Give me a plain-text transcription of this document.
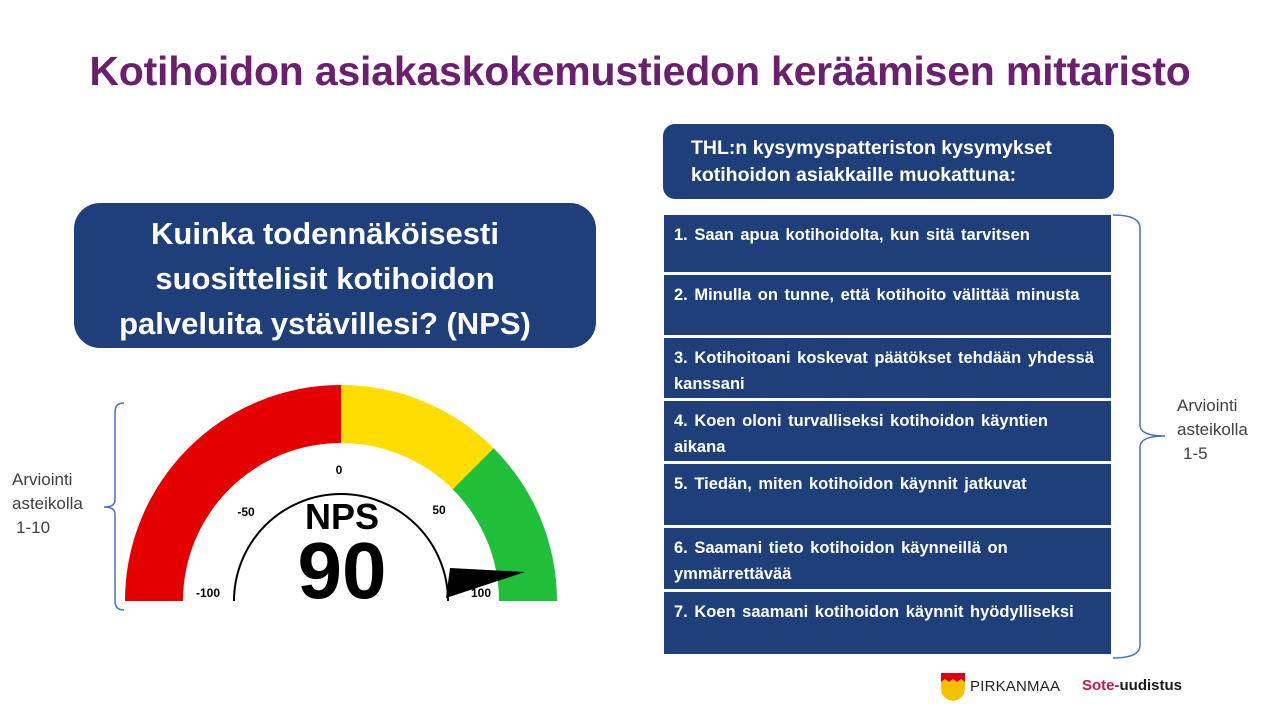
Kotihoidon asiakaskokemustiedon keräämisen mittaristo
Kuinka todennäköisesti suosittelisit kotihoidon palveluita ystävillesi? (NPS)
-100
-50
0
50
100
NPS
90
Arviointi
asteikolla
1-10
THL:n kysymyspatteriston kysymykset kotihoidon asiakkaille muokattuna:
1. Saan apua kotihoidolta, kun sitä tarvitsen
2. Minulla on tunne, että kotihoito välittää minusta
3. Kotihoitoani koskevat päätökset tehdään yhdessä kanssani
4. Koen oloni turvalliseksi kotihoidon käyntien aikana
5. Tiedän, miten kotihoidon käynnit jatkuvat
6. Saamani tieto kotihoidon käynneillä on ymmärrettävää
7. Koen saamani kotihoidon käynnit hyödylliseksi
Arviointi
asteikolla
1-5
PIRKANMAA Sote-uudistus
